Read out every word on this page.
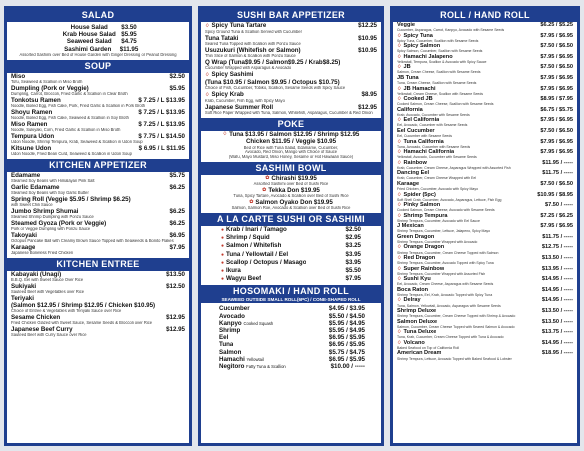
SALAD
House Salad	$3.50
Krab House Salad $5.95
Seaweed Salad	$4.75
Sashimi Garden	$11.95
Assorted Sashimi over Bed of House Garden with Ginger Dressing or Peanut Dressing
SOUP
Miso	$2.50
Tofu, Seaweed & Scallion in Miso Broth
Dumpling (Pork or Veggie)	$5.95
Dumpling, Carrot, Broccoli, Fried Garlic & Scallion in Clear Broth
Tonkotsu Ramen	$ 7.25 / L $13.95
Noodle, Boiled Egg, Fish Cake, Pork, Fried Garlic & Scallion in Pork Broth
Shoyu Ramen	$ 7.25 / L $13.95
Noodle, Boiled Egg, Fish Cake, Seaweed & Scallion in Soy Broth
Miso Ramen	$ 7.25 / L $13.95
Noodle, Sukiyaki, Corn, Fried Garlic & Scallion in Miso Broth
Tempura Udon	$ 7.75 / L $14.50
Udon Noodle, Shrimp Tempura, Krab, Seaweed & Scallion in Udon Soup
Kitsune Udon	$ 6.95 / L $11.95
Udon Noodle, Fried Bean Curd, Seaweed & Scallion in Udon Soup
KITCHEN APPETIZER
Edamame	$5.75
Steamed Soy Beans with Himalayan Pink Salt
Garlic Edamame	$6.25
Steamed Soy Beans with Soy Garlic Butter
Spring Roll (Veggie $5.95 / Shrimp $6.25)
with Sweet Chili Sauce
Jumbo Shrimp Shumai	$6.25
Steamed Shrimp Dumpling with Ponzu Sauce
Steamed Gyoza (Pork or Veggie)	$6.25
Pork or Veggie Dumpling with Ponzu Sauce
Takoyaki	$6.95
Octopus Pancake Ball with Creamy Brown Sauce Topped with Seaweeds & Bonito Flakes
Karaage	$7.95
Japanese Boneless Fried Chicken
KITCHEN ENTREE
Kabayaki (Unagi)	$13.50
B.B.Q. Eel with Sweet Sauce Over Rice
Sukiyaki	$12.50
Sauteed Beef with Vegetables over Rice
Teriyaki
(Salmon $12.95 / Shrimp $12.95 / Chicken $10.95)
Choice of Entree & Vegetables with Teriyaki Sauce over Rice
Sesame Chicken	$12.95
Fried Chicken Glazed with Sweet Sauce, Sesame Seeds & Broccoli over Rice
Japanese Beef Curry	$12.95
Sauteed Beef with Curry Sauce over Rice
SUSHI BAR APPETIZER
♢ Spicy Tuna Tartare	$12.25
Spicy Ground Tuna & Scallion Served with Cucumber
Tuna Tataki	$10.95
Seared Tuna Topped with Scallion with Ponzu Sauce
Usuzukuri (Whitefish or Salmon)	$10.95
Thin Slice of Salmon & Scallion with Ponzu Sauce
Q Wrap (Tuna$9.95 / Salmon$9.25 / Krab$8.25)
Cucumber Wrapped with Asparagus & Avocado
♢ Spicy Sashimi
(Tuna $10.95 / Salmon $9.95 / Octopus $10.75)
Choice of Fish, Cucumber, Tobiko, Scallion, Sesame Seeds with Spicy Sauce
♢ Spicy Krab	$8.95
Krab, Cucumber, Fish Egg, with Spicy Mayo
Japanese Summer Roll	$12.95
Soft Rice Paper Wrapped with Tuna, Salmon, Whitefish, Asparagus, Cucumber & Red Onion
POKE
♢ Tuna $13.95 / Salmon $12.95 / Shrimp $12.95
Chicken $11.95 / Veggie $10.95
Bed of Rice with Tuna Salad, Edamame, Cucumber,
Avocado, Red Onion, Mango with Choice of Sauce
(Wafu, Mayo Mustard, Miso Honey, Sesame or Hot Hawaiian Sauce)
SASHIMI BOWL
✿ Chirashi $19.95
Assorted Sashimi over Bed of Sushi Rice
✿ Tekka Don $19.95
Tuna, Spicy Tartare, Avocado & Scallion over Bed of Sushi Rice
✿ Salmon Oyako Don $19.95
Salmon, Salmon Roe, Avocado & Scallion over Bed of Sushi Rice
A LA CARTE SUSHI OR SASHIMI
● Krab / Inari / Tamago	$2.50
● Shrimp / Squid	$2.95
● Salmon / Whitefish	$3.25
● Tuna / Yellowtail / Eel	$3.95
● Scallop / Octopus / Masago	$3.95
● Ikura	$5.50
● Wagyu Beef	$7.95
HOSOMAKI / HAND ROLL
SEAWEED OUTSIDE SMALL ROLL(6PC) / CONE-SHAPED ROLL
Cucumber	$4.95 / $3.95
Avocado	$5.50 / $4.50
Kanpyo Cooked Squash	$5.95 / $4.95
Shrimp	$5.95 / $4.95
Eel	$6.95 / $5.95
Tuna	$6.95 / $5.95
Salmon	$5.75 / $4.75
Hamachi Yellowtail	$6.95 / $5.95
Negitoro Fatty Tuna & Scallion	$10.00 / -----
ROLL / HAND ROLL
Veggie	$6.25 / $5.25
Cucumber, Asparagus, Carrot, Kanpyo, Avocado with Sesame Seeds
♢ Spicy Tuna	$7.95 / $6.95
Spicy Tuna, Cucumber, Scallion with Sesame Seeds
♢ Spicy Salmon	$7.50 / $6.50
Spicy Salmon, Cucumber, Scallion with Sesame Seeds
♢ Hamachi Jalapeno	$7.95 / $6.95
Yellowtail, Tempura, Scallion & Avocado with Spicy Sauce
♢ JB	$7.50 / $6.50
Salmon, Cream Cheese, Scallion with Sesame Seeds
JB Tuna	$7.95 / $6.95
Tuna, Cream Cheese, Scallion with Sesame Seeds
♢ JB Hamachi	$7.95 / $6.95
Yellowtail, Cream Cheese, Scallion with Sesame Seeds
♢ Cooked JB	$8.95 / $7.95
Cooked Salmon, Cream Cheese, Scallion with Sesame Seeds
California	$6.75 / $5.75
Krab, Avocado, Cucumber with Sesame Seeds
♢ Eel California	$7.95 / $6.95
Eel, Avocado, Cucumber with Sesame Seeds
Eel Cucumber	$7.50 / $6.50
Eel, Cucumber with Sesame Seeds
♢ Tuna California	$7.95 / $6.95
Tuna, Avocado, Cucumber with Sesame Seeds
♢ Hamachi California	$7.95 / $6.95
Yellowtail, Avocado, Cucumber with Sesame Seeds
♢ Rainbow	$11.95 / -----
Krab, Cucumber, Cream Cheese, Asparagus Wrapped with Assorted Fish
Dancing Eel	$11.75 / -----
Krab, Cucumber, Cream Cheese Wrapped with Eel
Karaage	$7.50 / $6.50
Fried Chicken, Cucumber, Avocado with Spicy Mayo
♢ Spider (5pc)	$10.95 / $8.95
Soft Shell Crab, Cucumber, Avocado, Asparagus, Lettuce, Fish Egg
♢ Pinky Salmon	$7.50 / -----
Cooked Salmon, Cream Cheese, Avocado with Sesame Seeds
♢ Shrimp Tempura	$7.25 / $6.25
Shrimp Tempura, Cucumber, Avocado with Eel Sauce
J Mexican	$7.95 / $6.95
Shrimp Tempura, Cucumber, Lettuce, Jalapeno, Spicy Mayo
Green Dragon	$11.75 / -----
Shrimp Tempura, Cucumber Wrapped with Avocado
♢ Orange Dragon	$12.75 / -----
Shrimp Tempura, Cucumber, Cream Cheese Topped with Salmon
♢ Red Dragon	$13.50 / -----
Shrimp Tempura, Cucumber, Avocado Topped with Spicy Tuna
♢ Super Rainbow	$13.95 / -----
Shrimp Tempura, Cucumber Wrapped with Assorted Fish
♢ Sushi Kyu	$14.95 / -----
Eel, Avocado, Cream Cheese, Asparagus with Sesame Seeds
Boca Raton	$14.95 / -----
Shrimp Tempura, Eel, Krab, Avocado Topped with Spicy Tuna
♢ Delray	$14.95 / -----
Tuna, Salmon, Yellowtail, Avocado, Asparagus with Sesame Seeds
Shrimp Deluxe	$13.50 / -----
Shrimp Tempura, Cucumber, Cream Cheese Topped with Shrimp & Avocado
Salmon Deluxe	$13.50 / -----
Salmon, Cucumber, Cream Cheese Topped with Seared Salmon & Avocado
♢ Tuna Deluxe	$13.75 / -----
Tuna, Krab, Cucumber, Cream Cheese Topped with Tuna & Avocado
♢ Volcano	$14.95 / -----
Baked Seafood on Top of California Roll
American Dream	$18.95 / -----
Shrimp Tempura, Lettuce, Avocado Topped with Baked Seafood & Lobster
